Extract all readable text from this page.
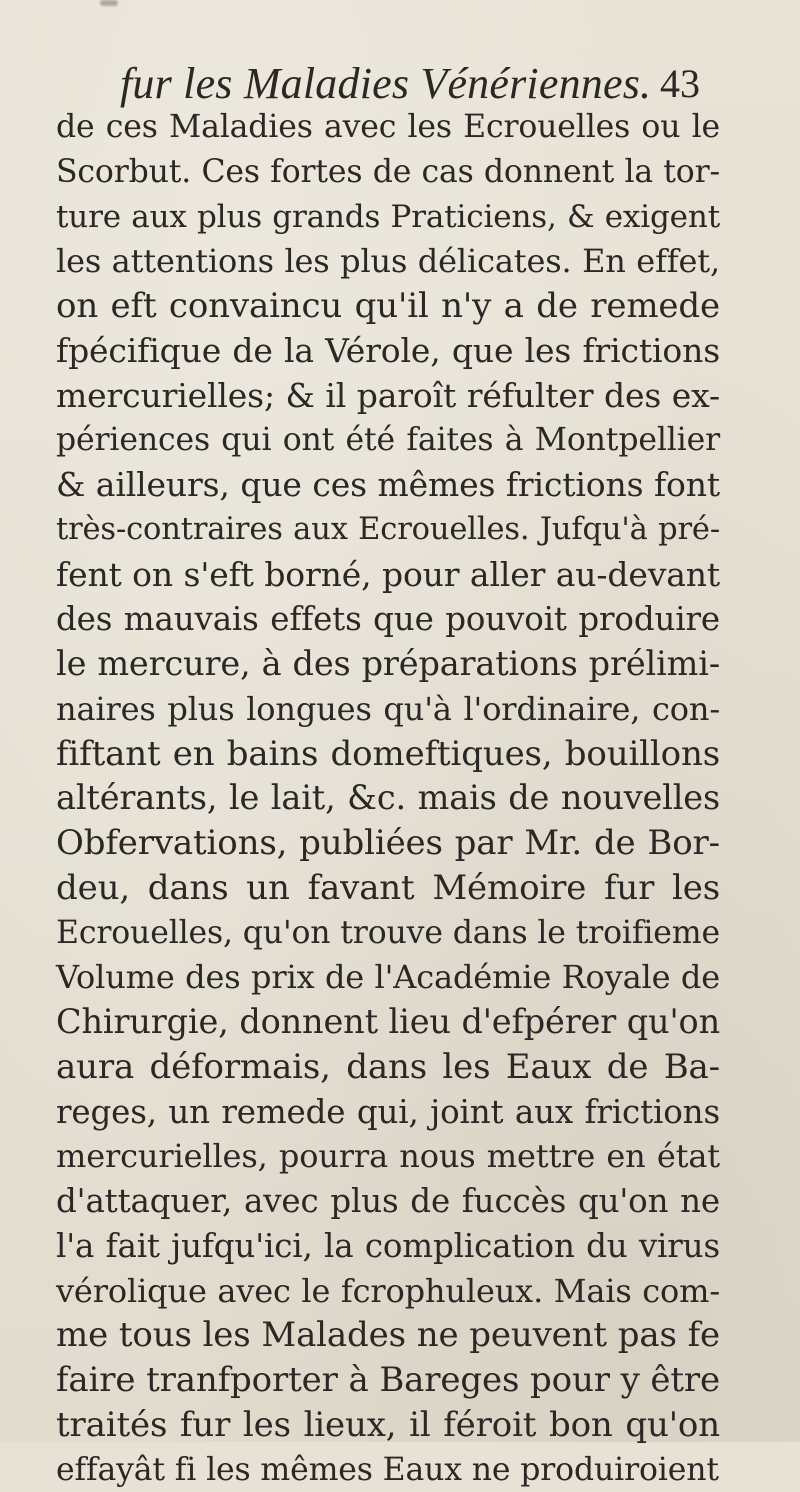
fur les Maladies Vénériennes. 43
de ces Maladies avec les Ecrouelles ou le
Scorbut. Ces fortes de cas donnent la tor-
ture aux plus grands Praticiens, & exigent
les attentions les plus délicates. En effet,
on eft convaincu qu'il n'y a de remede
fpécifique de la Vérole, que les frictions
mercurielles; & il paroît réfulter des ex-
périences qui ont été faites à Montpellier
& ailleurs, que ces mêmes frictions font
très-contraires aux Ecrouelles. Jufqu'à pré-
fent on s'eft borné, pour aller au-devant
des mauvais effets que pouvoit produire
le mercure, à des préparations prélimi-
naires plus longues qu'à l'ordinaire, con-
fiftant en bains domeftiques, bouillons
altérants, le lait, &c. mais de nouvelles
Obfervations, publiées par Mr. de Bor-
deu, dans un favant Mémoire fur les
Ecrouelles, qu'on trouve dans le troifieme
Volume des prix de l'Académie Royale de
Chirurgie, donnent lieu d'efpérer qu'on
aura déformais, dans les Eaux de Ba-
reges, un remede qui, joint aux frictions
mercurielles, pourra nous mettre en état
d'attaquer, avec plus de fuccès qu'on ne
l'a fait jufqu'ici, la complication du virus
vérolique avec le fcrophuleux. Mais com-
me tous les Malades ne peuvent pas fe
faire tranfporter à Bareges pour y être
traités fur les lieux, il féroit bon qu'on
effayât fi les mêmes Eaux ne produiroient
